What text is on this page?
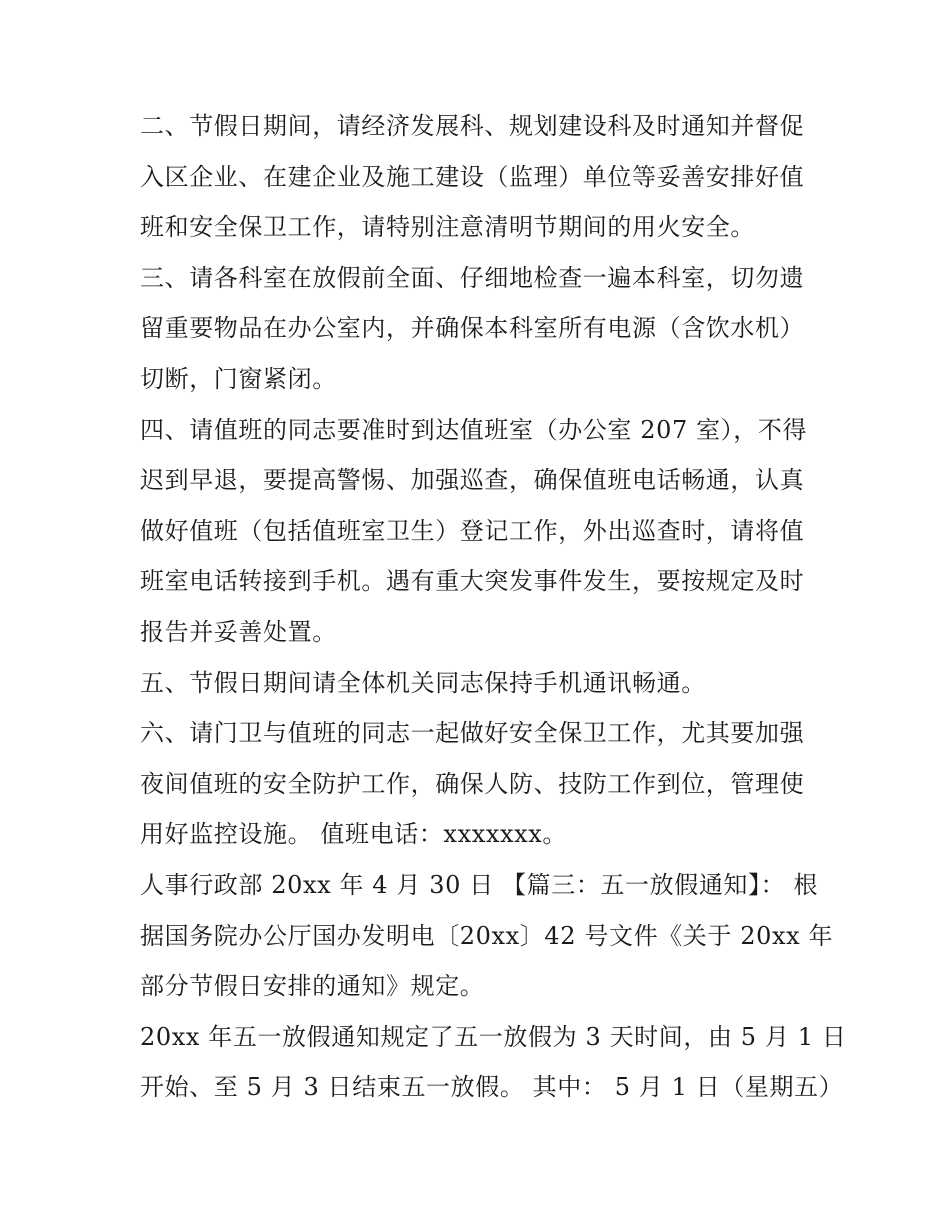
二、节假日期间，请经济发展科、规划建设科及时通知并督促
入区企业、在建企业及施工建设（监理）单位等妥善安排好值
班和安全保卫工作，请特别注意清明节期间的用火安全。
三、请各科室在放假前全面、仔细地检查一遍本科室，切勿遗
留重要物品在办公室内，并确保本科室所有电源（含饮水机）
切断，门窗紧闭。
四、请值班的同志要准时到达值班室（办公室 207 室），不得
迟到早退，要提高警惕、加强巡查，确保值班电话畅通，认真
做好值班（包括值班室卫生）登记工作，外出巡查时，请将值
班室电话转接到手机。遇有重大突发事件发生，要按规定及时
报告并妥善处置。
五、节假日期间请全体机关同志保持手机通讯畅通。
六、请门卫与值班的同志一起做好安全保卫工作，尤其要加强
夜间值班的安全防护工作，确保人防、技防工作到位，管理使
用好监控设施。 值班电话：xxxxxxx。
人事行政部 20xx 年 4 月 30 日 【篇三：五一放假通知】： 根
据国务院办公厅国办发明电〔20xx〕42 号文件《关于 20xx 年
部分节假日安排的通知》规定。
20xx 年五一放假通知规定了五一放假为 3 天时间，由 5 月 1 日
开始、至 5 月 3 日结束五一放假。 其中： 5 月 1 日（星期五）
